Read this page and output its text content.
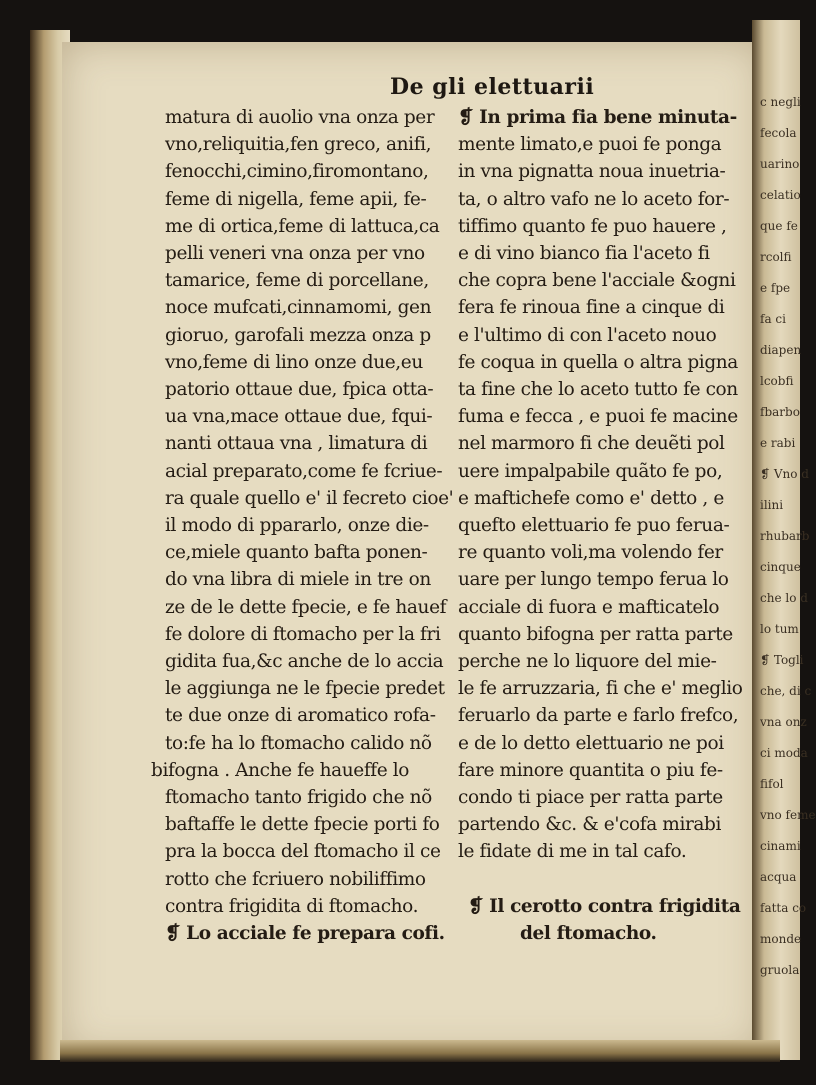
c negli
fecola
uarino
celatio
que fe
rcolfi
e fpe
fa ci
diapen
lcobfi
fbarbo
e rabi
❡ Vno d
ilini
rhubarb
cinque
che lo d
lo tum
❡ Togli
che, di c
vna onz
ci moda
fifol
vno feme
cinami
acqua
fatta co
monde
gruola
De gli elettuarii
matura di auolio vna onza per
vno,reliquitia,fen greco, anifi,
fenocchi,cimino,firomontano,
feme di nigella, feme apii, fe-
me di ortica,feme di lattuca,ca
pelli veneri vna onza per vno
tamarice, feme di porcellane,
noce mufcati,cinnamomi, gen
gioruo, garofali mezza onza p
vno,feme di lino onze due,eu
patorio ottaue due, fpica otta-
ua vna,mace ottaue due, fqui-
nanti ottaua vna , limatura di
acial preparato,come fe fcriue-
ra quale quello e' il fecreto cioe'
il modo di ppararlo, onze die-
ce,miele quanto bafta ponen-
do vna libra di miele in tre on
ze de le dette fpecie, e fe hauef
fe dolore di ftomacho per la fri
gidita fua,&c anche de lo accia
le aggiunga ne le fpecie predet
te due onze di aromatico rofa-
to:fe ha lo ftomacho calido nõ
bifogna . Anche fe haueffe lo
ftomacho tanto frigido che nõ
baftaffe le dette fpecie porti fo
pra la bocca del ftomacho il ce
rotto che fcriuero nobiliffimo
contra frigidita di ftomacho.
❡ Lo acciale fe prepara cofi.
❡ In prima fia bene minuta-
mente limato,e puoi fe ponga
in vna pignatta noua inuetria-
ta, o altro vafo ne lo aceto for-
tiffimo quanto fe puo hauere ,
e di vino bianco fia l'aceto fi
che copra bene l'acciale &ogni
fera fe rinoua fine a cinque di
e l'ultimo di con l'aceto nouo
fe coqua in quella o altra pigna
ta fine che lo aceto tutto fe con
fuma e fecca , e puoi fe macine
nel marmoro fi che deuẽti pol
uere impalpabile quãto fe po,
e maftichefe como e' detto , e
quefto elettuario fe puo ferua-
re quanto voli,ma volendo fer
uare per lungo tempo ferua lo
acciale di fuora e mafticatelo
quanto bifogna per ratta parte
perche ne lo liquore del mie-
le fe arruzzaria, fi che e' meglio
feruarlo da parte e farlo frefco,
e de lo detto elettuario ne poi
fare minore quantita o piu fe-
condo ti piace per ratta parte
partendo &c. & e'cofa mirabi
le fidate di me in tal cafo.
❡ Il cerotto contra frigidita
del ftomacho.
